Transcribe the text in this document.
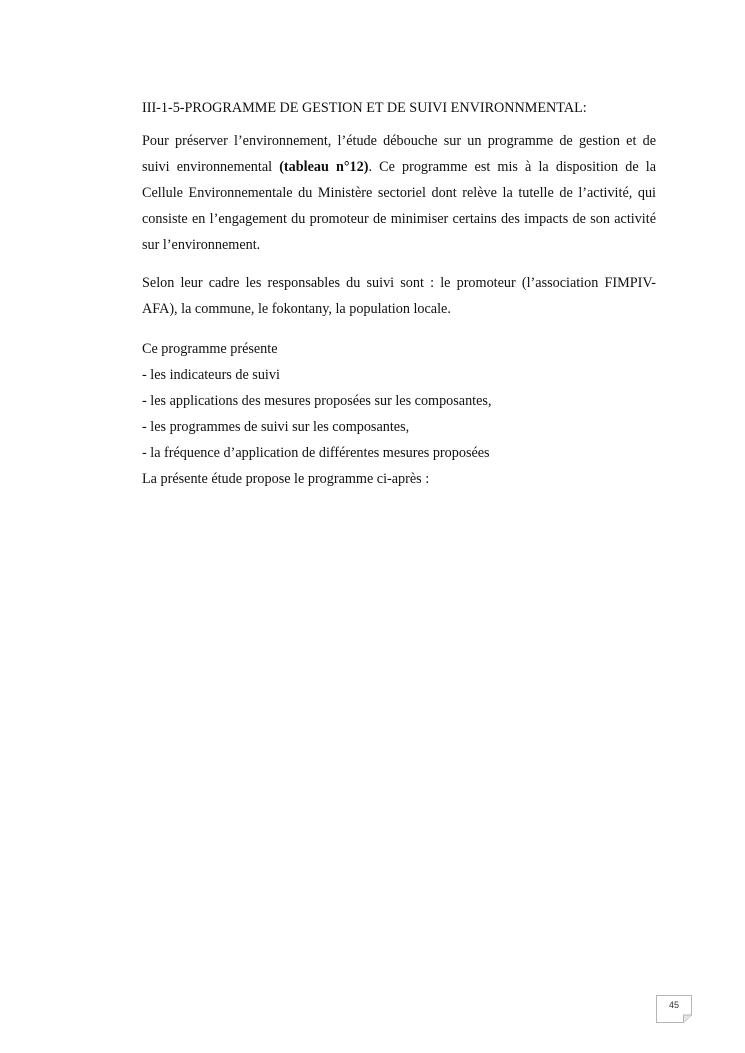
III-1-5-PROGRAMME DE GESTION ET DE SUIVI ENVIRONNMENTAL:

Pour préserver l’environnement, l’étude débouche sur un programme de gestion et de suivi environnemental (tableau n°12). Ce programme est mis à la disposition de la Cellule Environnementale du Ministère sectoriel dont relève la tutelle de l’activité, qui consiste en l’engagement du promoteur de minimiser certains des impacts de son activité sur l’environnement.

Selon leur cadre les responsables du suivi sont : le promoteur (l’association FIMPIV-AFA), la commune, le fokontany, la population locale.

Ce programme présente

- les indicateurs de suivi

- les applications des mesures proposées sur les composantes,

- les programmes de suivi sur les composantes,

- la fréquence d’application de différentes mesures proposées

La présente étude propose le programme ci-après :

45
